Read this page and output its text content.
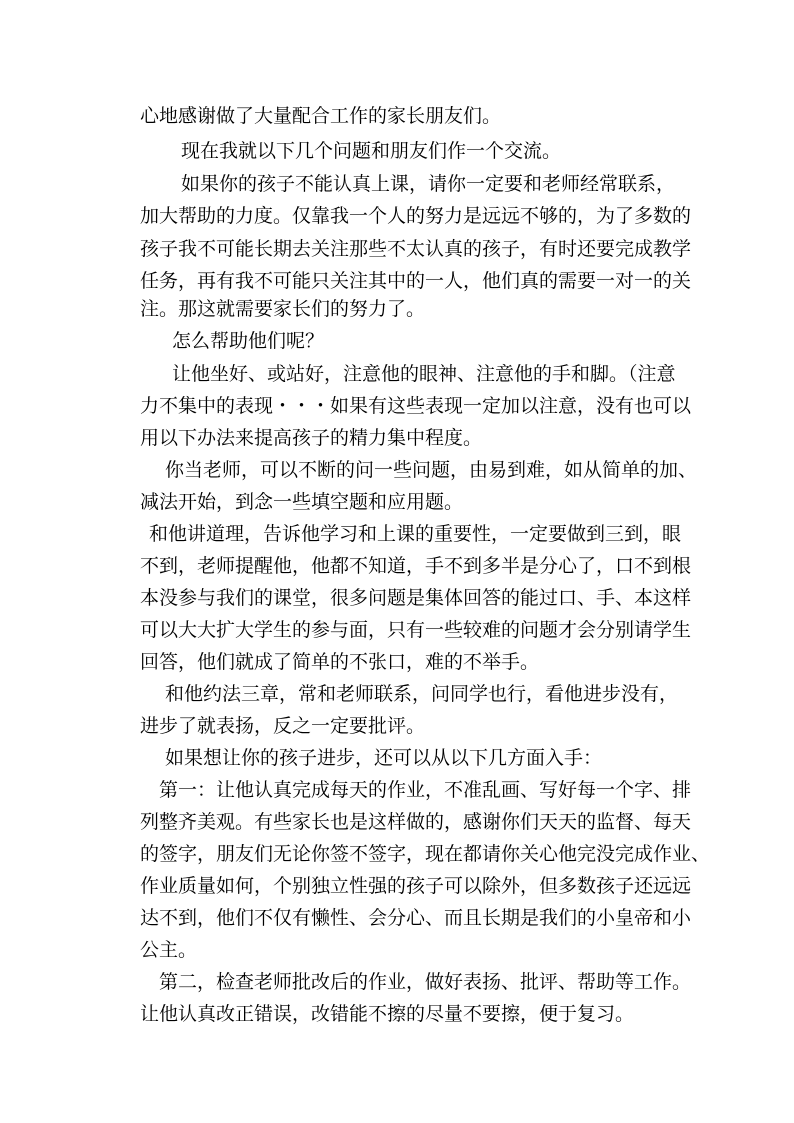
心地感谢做了大量配合工作的家长朋友们。
现在我就以下几个问题和朋友们作一个交流。
如果你的孩子不能认真上课，请你一定要和老师经常联系，
加大帮助的力度。仅靠我一个人的努力是远远不够的，为了多数的
孩子我不可能长期去关注那些不太认真的孩子，有时还要完成教学
任务，再有我不可能只关注其中的一人，他们真的需要一对一的关
注。那这就需要家长们的努力了。
怎么帮助他们呢？
让他坐好、或站好，注意他的眼神、注意他的手和脚。（注意
力不集中的表现・・・如果有这些表现一定加以注意，没有也可以
用以下办法来提高孩子的精力集中程度。
你当老师，可以不断的问一些问题，由易到难，如从简单的加、
减法开始，到念一些填空题和应用题。
和他讲道理，告诉他学习和上课的重要性，一定要做到三到，眼
不到，老师提醒他，他都不知道，手不到多半是分心了，口不到根
本没参与我们的课堂，很多问题是集体回答的能过口、手、本这样
可以大大扩大学生的参与面，只有一些较难的问题才会分别请学生
回答，他们就成了简单的不张口，难的不举手。
和他约法三章，常和老师联系，问同学也行，看他进步没有，
进步了就表扬，反之一定要批评。
如果想让你的孩子进步，还可以从以下几方面入手：
第一：让他认真完成每天的作业，不准乱画、写好每一个字、排
列整齐美观。有些家长也是这样做的，感谢你们天天的监督、每天
的签字，朋友们无论你签不签字，现在都请你关心他完没完成作业、
作业质量如何，个别独立性强的孩子可以除外，但多数孩子还远远
达不到，他们不仅有懒性、会分心、而且长期是我们的小皇帝和小
公主。
第二，检查老师批改后的作业，做好表扬、批评、帮助等工作。
让他认真改正错误，改错能不擦的尽量不要擦，便于复习。
